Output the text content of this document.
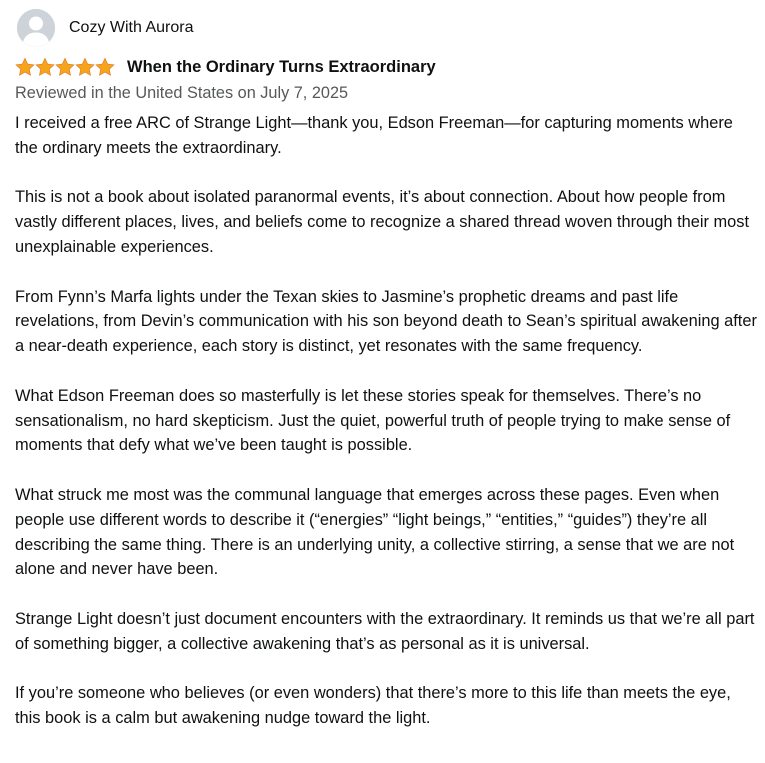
Cozy With Aurora
When the Ordinary Turns Extraordinary
Reviewed in the United States on July 7, 2025

I received a free ARC of Strange Light—thank you, Edson Freeman—for capturing moments where the ordinary meets the extraordinary.

This is not a book about isolated paranormal events, it’s about connection. About how people from vastly different places, lives, and beliefs come to recognize a shared thread woven through their most unexplainable experiences.

From Fynn’s Marfa lights under the Texan skies to Jasmine’s prophetic dreams and past life revelations, from Devin’s communication with his son beyond death to Sean’s spiritual awakening after a near-death experience, each story is distinct, yet resonates with the same frequency.

What Edson Freeman does so masterfully is let these stories speak for themselves. There’s no sensationalism, no hard skepticism. Just the quiet, powerful truth of people trying to make sense of moments that defy what we’ve been taught is possible.

What struck me most was the communal language that emerges across these pages. Even when people use different words to describe it (“energies” “light beings,” “entities,” “guides”) they’re all describing the same thing. There is an underlying unity, a collective stirring, a sense that we are not alone and never have been.

Strange Light doesn’t just document encounters with the extraordinary. It reminds us that we’re all part of something bigger, a collective awakening that’s as personal as it is universal.

If you’re someone who believes (or even wonders) that there’s more to this life than meets the eye, this book is a calm but awakening nudge toward the light.
